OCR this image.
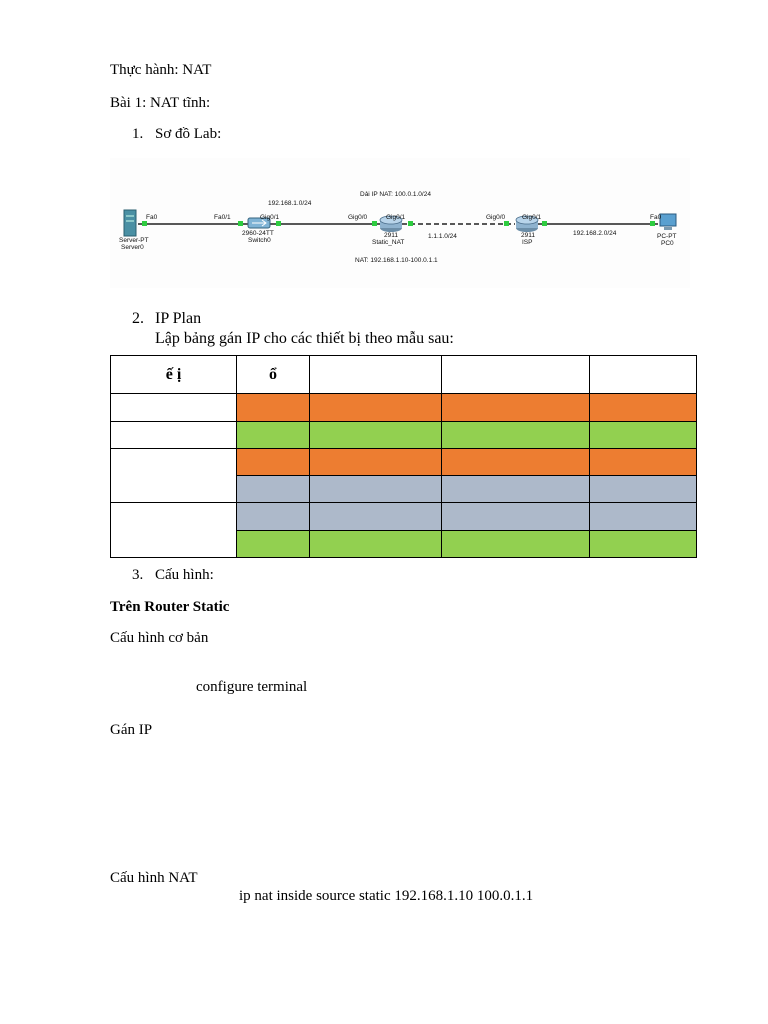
Thực hành: NAT
Bài 1: NAT tĩnh:
1. Sơ đồ Lab:
Dải IP NAT: 100.0.1.0/24
192.168.1.0/24
1.1.1.0/24	192.168.2.0/24
NAT: 192.168.1.10-100.0.1.1
Fa0	Fa0/1	Gig0/1	Gig0/0	Gig0/1	Gig0/0	Gig0/1	Fa0
Server-PT
Server0
2960-24TT
Switch0
2911
Static_NAT
2911
ISP
PC-PT
PC0
2. IP Plan
Lập bảng gán IP cho các thiết bị theo mẫu sau:
ế ị	ổ			

3. Cấu hình:
Trên Router Static
Cấu hình cơ bản
configure terminal
Gán IP
Cấu hình NAT
ip nat inside source static 192.168.1.10 100.0.1.1
